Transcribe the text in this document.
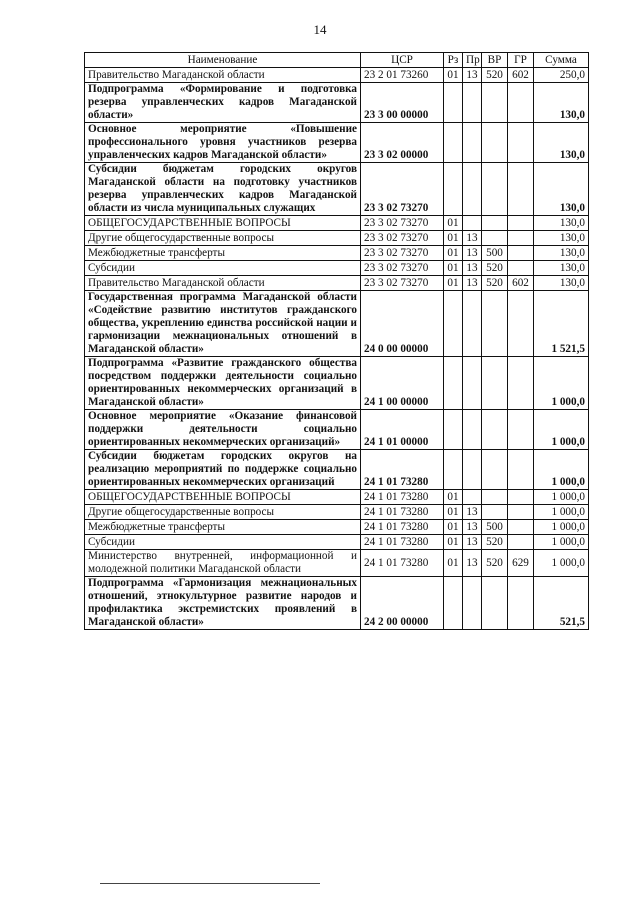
14
Наименование	ЦСР	Рз	Пр	ВР	ГР	Сумма
Правительство Магаданской области	23 2 01 73260	01	13	520	602	250,0
Подпрограмма «Формирование и подготовка резерва управленческих кадров Магаданской области»	23 3 00 00000					130,0
Основное мероприятие «Повышение профессионального уровня участников резерва управленческих кадров Магаданской области»	23 3 02 00000					130,0
Субсидии бюджетам городских округов Магаданской области на подготовку участников резерва управленческих кадров Магаданской области из числа муниципальных служащих	23 3 02 73270					130,0
ОБЩЕГОСУДАРСТВЕННЫЕ ВОПРОСЫ	23 3 02 73270	01				130,0
Другие общегосударственные вопросы	23 3 02 73270	01	13			130,0
Межбюджетные трансферты	23 3 02 73270	01	13	500		130,0
Субсидии	23 3 02 73270	01	13	520		130,0
Правительство Магаданской области	23 3 02 73270	01	13	520	602	130,0
Государственная программа Магаданской области «Содействие развитию институтов гражданского общества, укреплению единства российской нации и гармонизации межнациональных отношений в Магаданской области»	24 0 00 00000					1 521,5
Подпрограмма «Развитие гражданского общества посредством поддержки деятельности социально ориентированных некоммерческих организаций в Магаданской области»	24 1 00 00000					1 000,0
Основное мероприятие «Оказание финансовой поддержки деятельности социально ориентированных некоммерческих организаций»	24 1 01 00000					1 000,0
Субсидии бюджетам городских округов на реализацию мероприятий по поддержке социально ориентированных некоммерческих организаций	24 1 01 73280					1 000,0
ОБЩЕГОСУДАРСТВЕННЫЕ ВОПРОСЫ	24 1 01 73280	01				1 000,0
Другие общегосударственные вопросы	24 1 01 73280	01	13			1 000,0
Межбюджетные трансферты	24 1 01 73280	01	13	500		1 000,0
Субсидии	24 1 01 73280	01	13	520		1 000,0
Министерство внутренней, информационной и молодежной политики Магаданской области	24 1 01 73280	01	13	520	629	1 000,0
Подпрограмма «Гармонизация межнациональных отношений, этнокультурное развитие народов и профилактика экстремистских проявлений в Магаданской области»	24 2 00 00000					521,5
